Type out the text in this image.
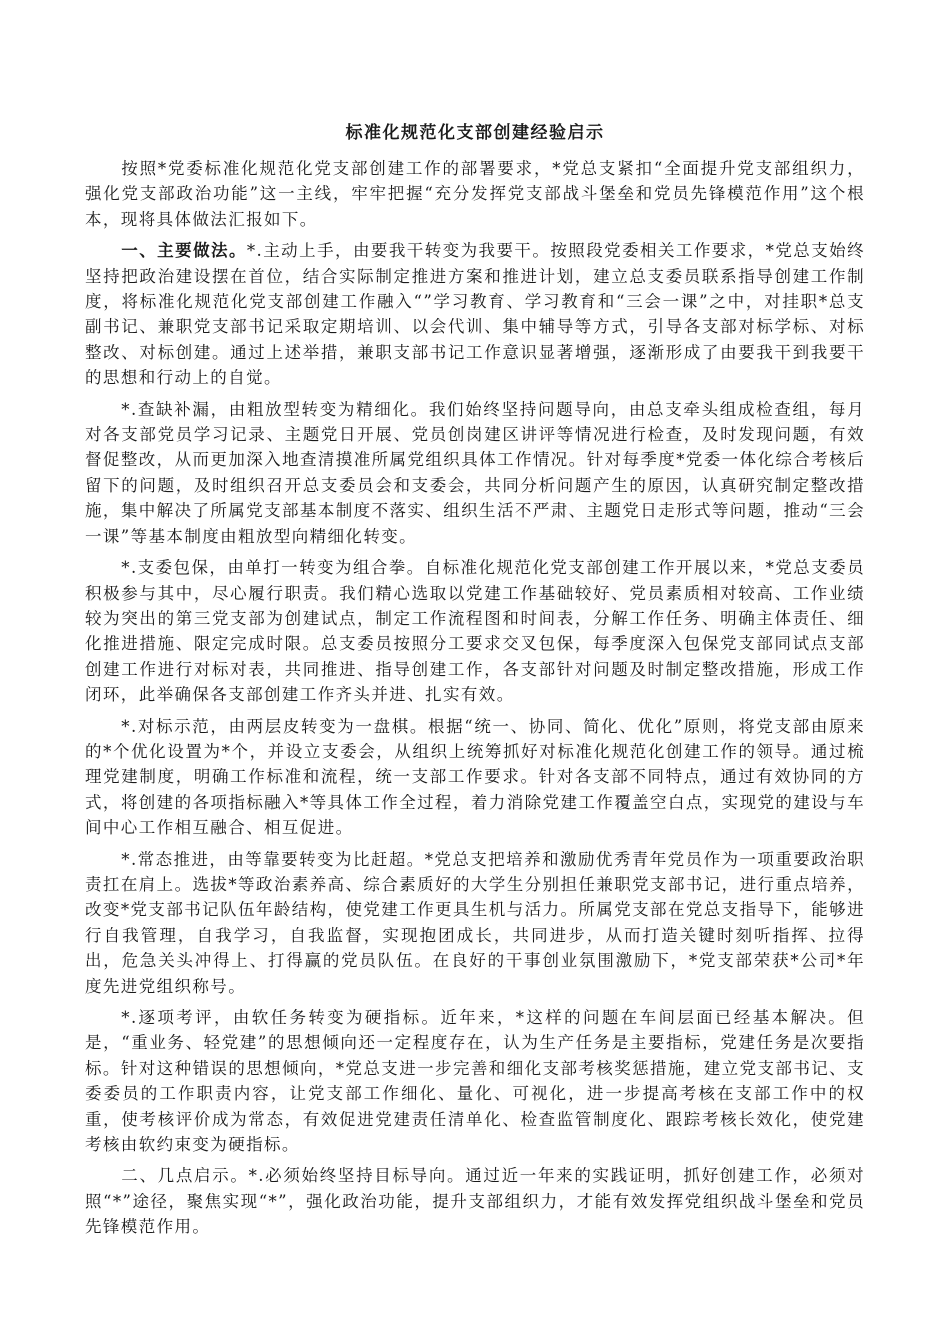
标准化规范化支部创建经验启示

按照*党委标准化规范化党支部创建工作的部署要求，*党总支紧扣“全面提升党支部组织力，强化党支部政治功能”这一主线，牢牢把握“充分发挥党支部战斗堡垒和党员先锋模范作用”这个根本，现将具体做法汇报如下。

一、主要做法。*.主动上手，由要我干转变为我要干。按照段党委相关工作要求，*党总支始终坚持把政治建设摆在首位，结合实际制定推进方案和推进计划，建立总支委员联系指导创建工作制度，将标准化规范化党支部创建工作融入“”学习教育、学习教育和“三会一课”之中，对挂职*总支副书记、兼职党支部书记采取定期培训、以会代训、集中辅导等方式，引导各支部对标学标、对标整改、对标创建。通过上述举措，兼职支部书记工作意识显著增强，逐渐形成了由要我干到我要干的思想和行动上的自觉。

*.查缺补漏，由粗放型转变为精细化。我们始终坚持问题导向，由总支牵头组成检查组，每月对各支部党员学习记录、主题党日开展、党员创岗建区讲评等情况进行检查，及时发现问题，有效督促整改，从而更加深入地查清摸准所属党组织具体工作情况。针对每季度*党委一体化综合考核后留下的问题，及时组织召开总支委员会和支委会，共同分析问题产生的原因，认真研究制定整改措施，集中解决了所属党支部基本制度不落实、组织生活不严肃、主题党日走形式等问题，推动“三会一课”等基本制度由粗放型向精细化转变。

*.支委包保，由单打一转变为组合拳。自标准化规范化党支部创建工作开展以来，*党总支委员积极参与其中，尽心履行职责。我们精心选取以党建工作基础较好、党员素质相对较高、工作业绩较为突出的第三党支部为创建试点，制定工作流程图和时间表，分解工作任务、明确主体责任、细化推进措施、限定完成时限。总支委员按照分工要求交叉包保，每季度深入包保党支部同试点支部创建工作进行对标对表，共同推进、指导创建工作，各支部针对问题及时制定整改措施，形成工作闭环，此举确保各支部创建工作齐头并进、扎实有效。

*.对标示范，由两层皮转变为一盘棋。根据“统一、协同、简化、优化”原则，将党支部由原来的*个优化设置为*个，并设立支委会，从组织上统筹抓好对标准化规范化创建工作的领导。通过梳理党建制度，明确工作标准和流程，统一支部工作要求。针对各支部不同特点，通过有效协同的方式，将创建的各项指标融入*等具体工作全过程，着力消除党建工作覆盖空白点，实现党的建设与车间中心工作相互融合、相互促进。

*.常态推进，由等靠要转变为比赶超。*党总支把培养和激励优秀青年党员作为一项重要政治职责扛在肩上。选拔*等政治素养高、综合素质好的大学生分别担任兼职党支部书记，进行重点培养，改变*党支部书记队伍年龄结构，使党建工作更具生机与活力。所属党支部在党总支指导下，能够进行自我管理，自我学习，自我监督，实现抱团成长，共同进步，从而打造关键时刻听指挥、拉得出，危急关头冲得上、打得赢的党员队伍。在良好的干事创业氛围激励下，*党支部荣获*公司*年度先进党组织称号。

*.逐项考评，由软任务转变为硬指标。近年来，*这样的问题在车间层面已经基本解决。但是，“重业务、轻党建”的思想倾向还一定程度存在，认为生产任务是主要指标，党建任务是次要指标。针对这种错误的思想倾向，*党总支进一步完善和细化支部考核奖惩措施，建立党支部书记、支委委员的工作职责内容，让党支部工作细化、量化、可视化，进一步提高考核在支部工作中的权重，使考核评价成为常态，有效促进党建责任清单化、检查监管制度化、跟踪考核长效化，使党建考核由软约束变为硬指标。

二、几点启示。*.必须始终坚持目标导向。通过近一年来的实践证明，抓好创建工作，必须对照“*”途径，聚焦实现“*”，强化政治功能，提升支部组织力，才能有效发挥党组织战斗堡垒和党员先锋模范作用。
